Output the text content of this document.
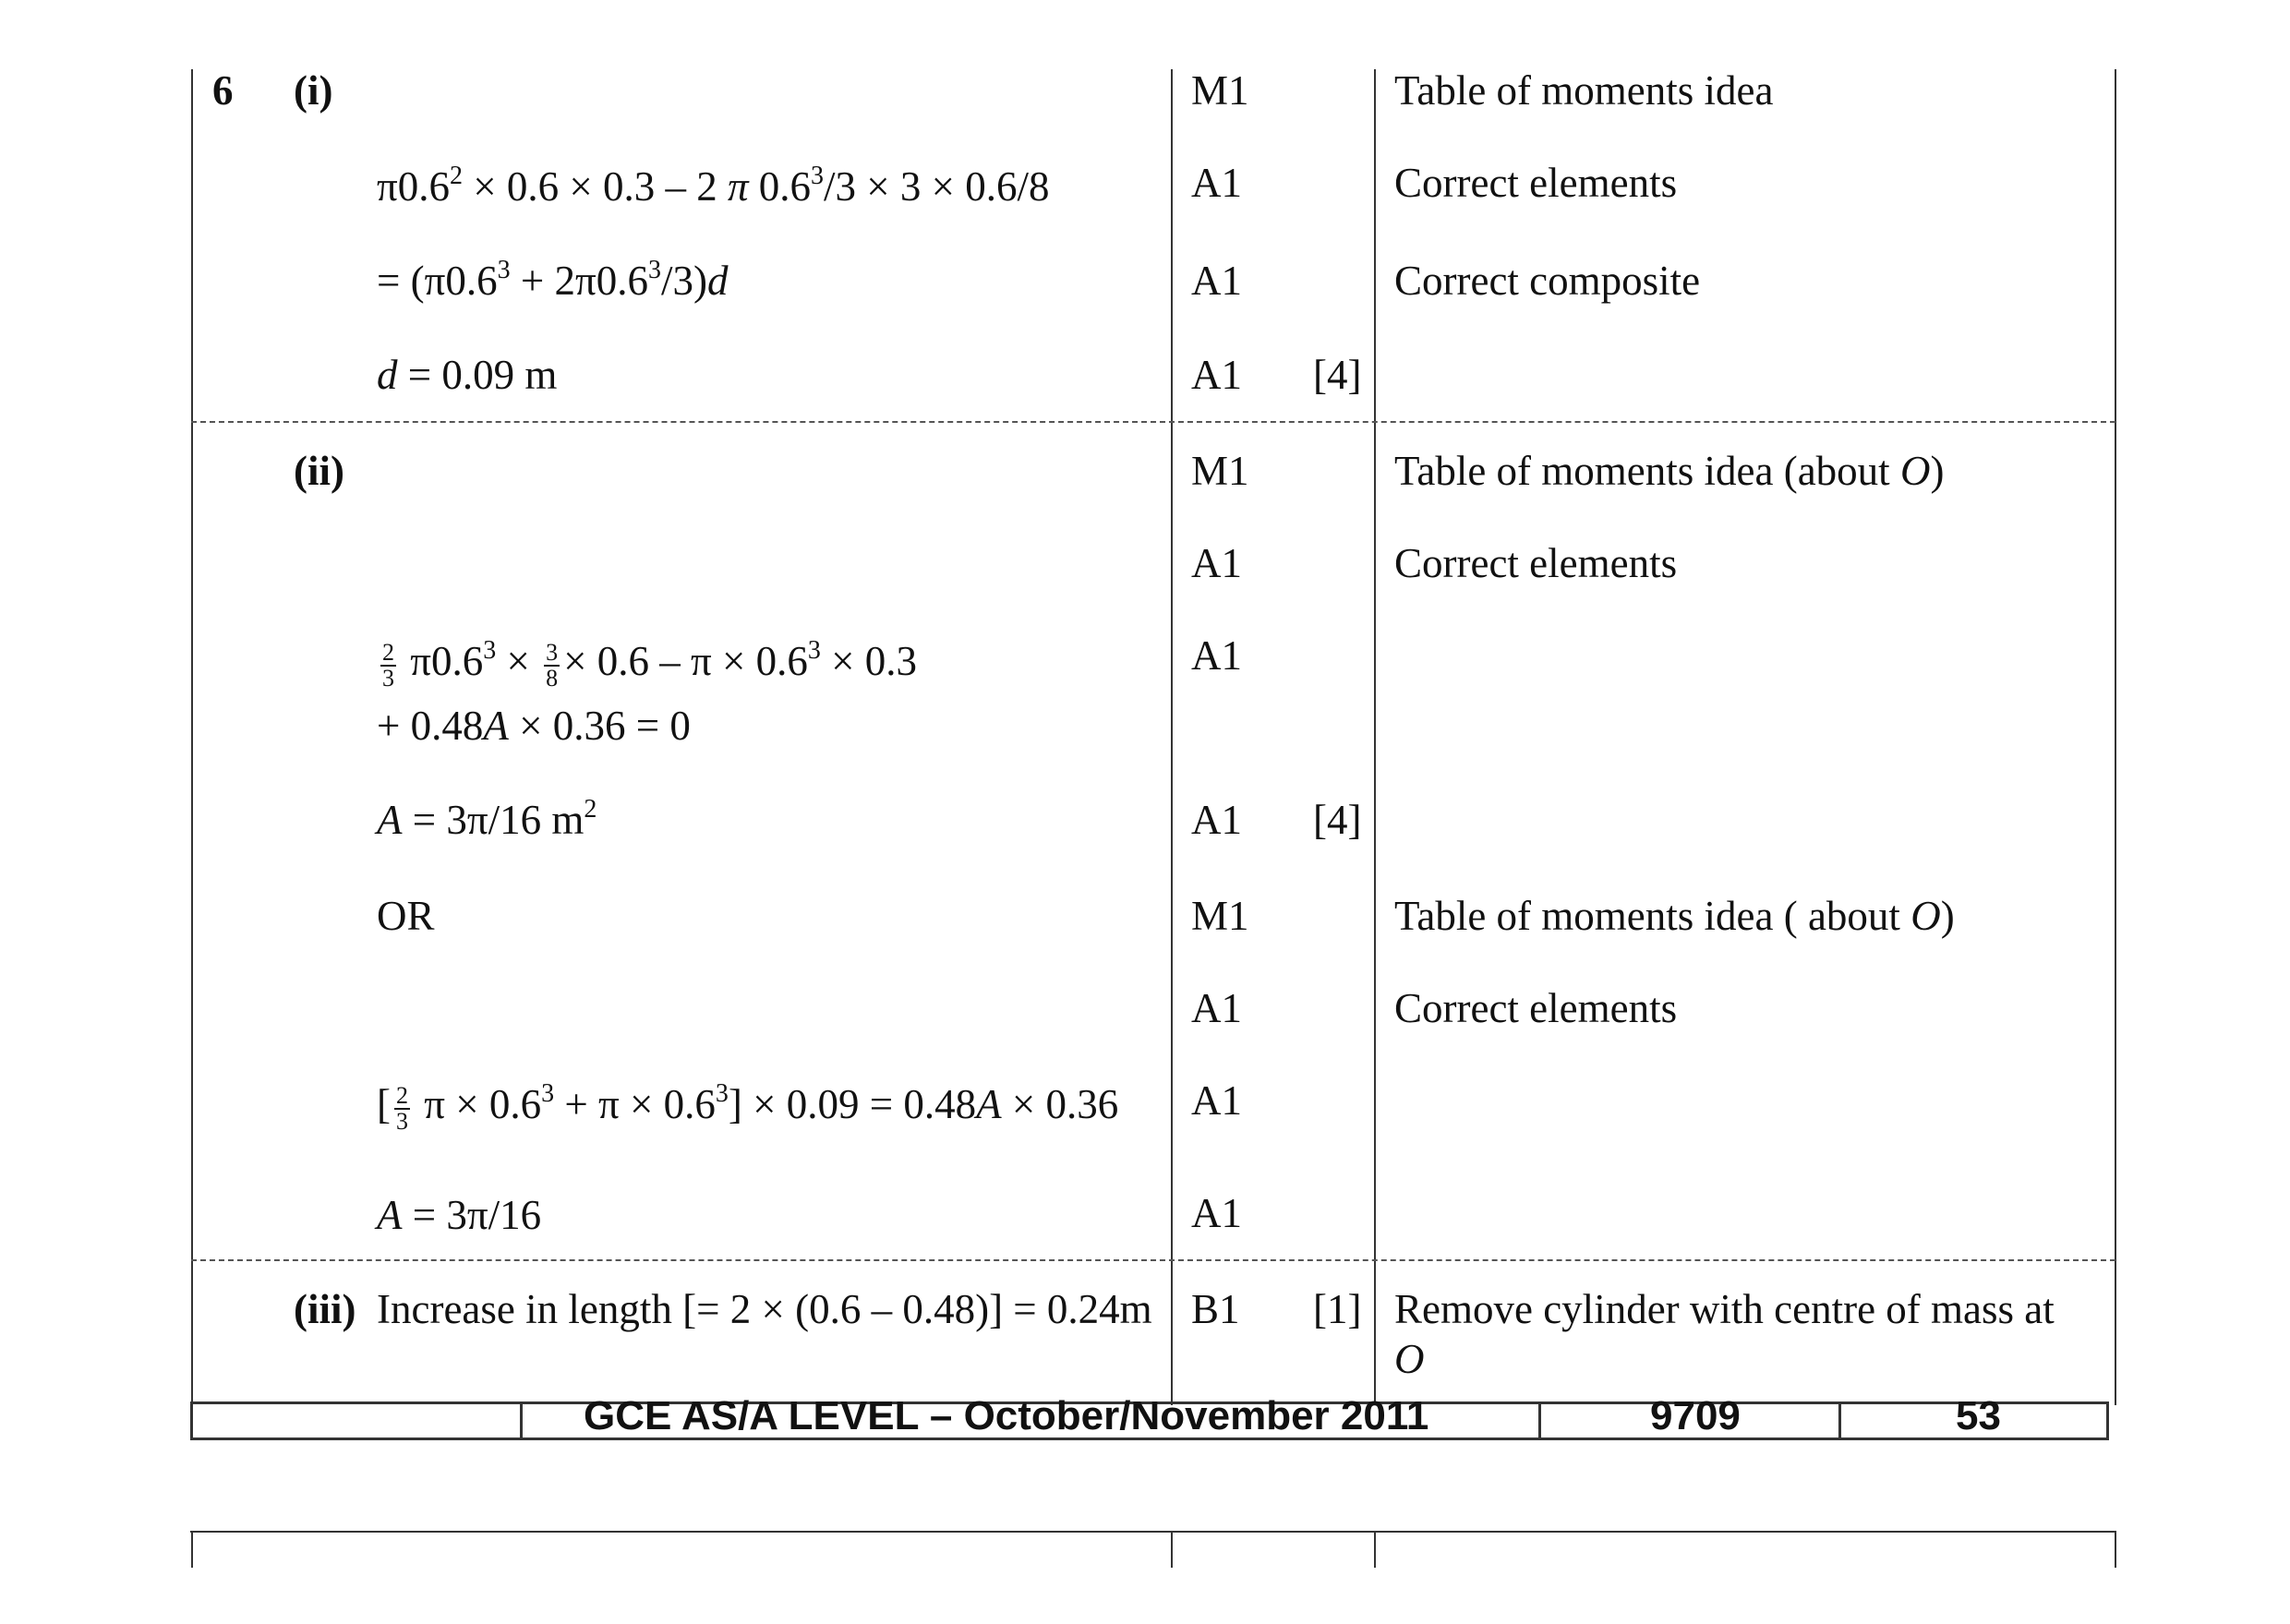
6 (i)
$\pi 0.6^2 \times 0.6 \times 0.3 - 2$ π $0.6^3/3 \times 3 \times 0.6/8$
= $(\pi 0.6^3 + 2\pi 0.6^3/3)d$
d = 0.09 m
M1
A1
A1
A1 [4]
Table of moments idea
Correct elements
Correct composite
(ii)
$\frac{2}{3} \pi 0.6^3 \times \frac{3}{8} \times 0.6 - \pi \times 0.6^3 \times 0.3$
+ 0.48A × 0.36 = 0
A = 3π/16 $m^2$
OR
[ $\frac{2}{3}$ $\pi \times 0.6^3 + \pi \times 0.6^3] \times 0.09 = 0.48A \times 0.36$
A = 3π/16
M1
A1
A1
A1 [4]
M1
A1
A1
A1
Table of moments idea (about O)
Correct elements
Table of moments idea ( about O)
Correct elements
(iii) Increase in length [= 2 × (0.6 – 0.48)] = 0.24m B1 [1] Remove cylinder with centre of mass at
O
GCE AS/A LEVEL – October/November 2011	9709	53
